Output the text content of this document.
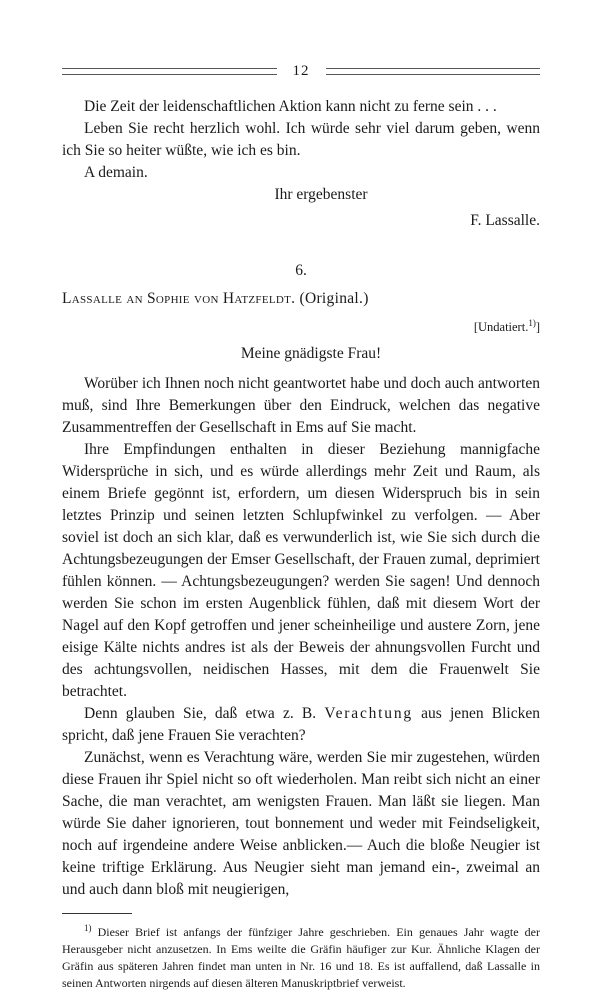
12

Die Zeit der leidenschaftlichen Aktion kann nicht zu ferne sein . . .

Leben Sie recht herzlich wohl. Ich würde sehr viel darum geben, wenn ich Sie so heiter wüßte, wie ich es bin.

A demain.

Ihr ergebenster

F. Lassalle.

6.

Lassalle an Sophie von Hatzfeldt. (Original.)

[Undatiert.$^{1)}$]
Meine gnädigste Frau!

Worüber ich Ihnen noch nicht geantwortet habe und doch auch antworten muß, sind Ihre Bemerkungen über den Eindruck, welchen das negative Zusammentreffen der Gesellschaft in Ems auf Sie macht.

Ihre Empfindungen enthalten in dieser Beziehung mannigfache Widersprüche in sich, und es würde allerdings mehr Zeit und Raum, als einem Briefe gegönnt ist, erfordern, um diesen Widerspruch bis in sein letztes Prinzip und seinen letzten Schlupfwinkel zu verfolgen. — Aber soviel ist doch an sich klar, daß es verwunderlich ist, wie Sie sich durch die Achtungsbezeugungen der Emser Gesellschaft, der Frauen zumal, deprimiert fühlen können. — Achtungsbezeugungen? werden Sie sagen! Und dennoch werden Sie schon im ersten Augenblick fühlen, daß mit diesem Wort der Nagel auf den Kopf getroffen und jener scheinheilige und austere Zorn, jene eisige Kälte nichts andres ist als der Beweis der ahnungsvollen Furcht und des achtungsvollen, neidischen Hasses, mit dem die Frauenwelt Sie betrachtet.

Denn glauben Sie, daß etwa z. B. Verachtung aus jenen Blicken spricht, daß jene Frauen Sie verachten?

Zunächst, wenn es Verachtung wäre, werden Sie mir zugestehen, würden diese Frauen ihr Spiel nicht so oft wiederholen. Man reibt sich nicht an einer Sache, die man verachtet, am wenigsten Frauen. Man läßt sie liegen. Man würde Sie daher ignorieren, tout bonnement und weder mit Feindseligkeit, noch auf irgendeine andere Weise anblicken.— Auch die bloße Neugier ist keine triftige Erklärung. Aus Neugier sieht man jemand ein-, zweimal an und auch dann bloß mit neugierigen,

$^{1)}$ Dieser Brief ist anfangs der fünfziger Jahre geschrieben. Ein genaues Jahr wagte der Herausgeber nicht anzusetzen. In Ems weilte die Gräfin häufiger zur Kur. Ähnliche Klagen der Gräfin aus späteren Jahren findet man unten in Nr. 16 und 18. Es ist auffallend, daß Lassalle in seinen Antworten nirgends auf diesen älteren Manuskriptbrief verweist.
